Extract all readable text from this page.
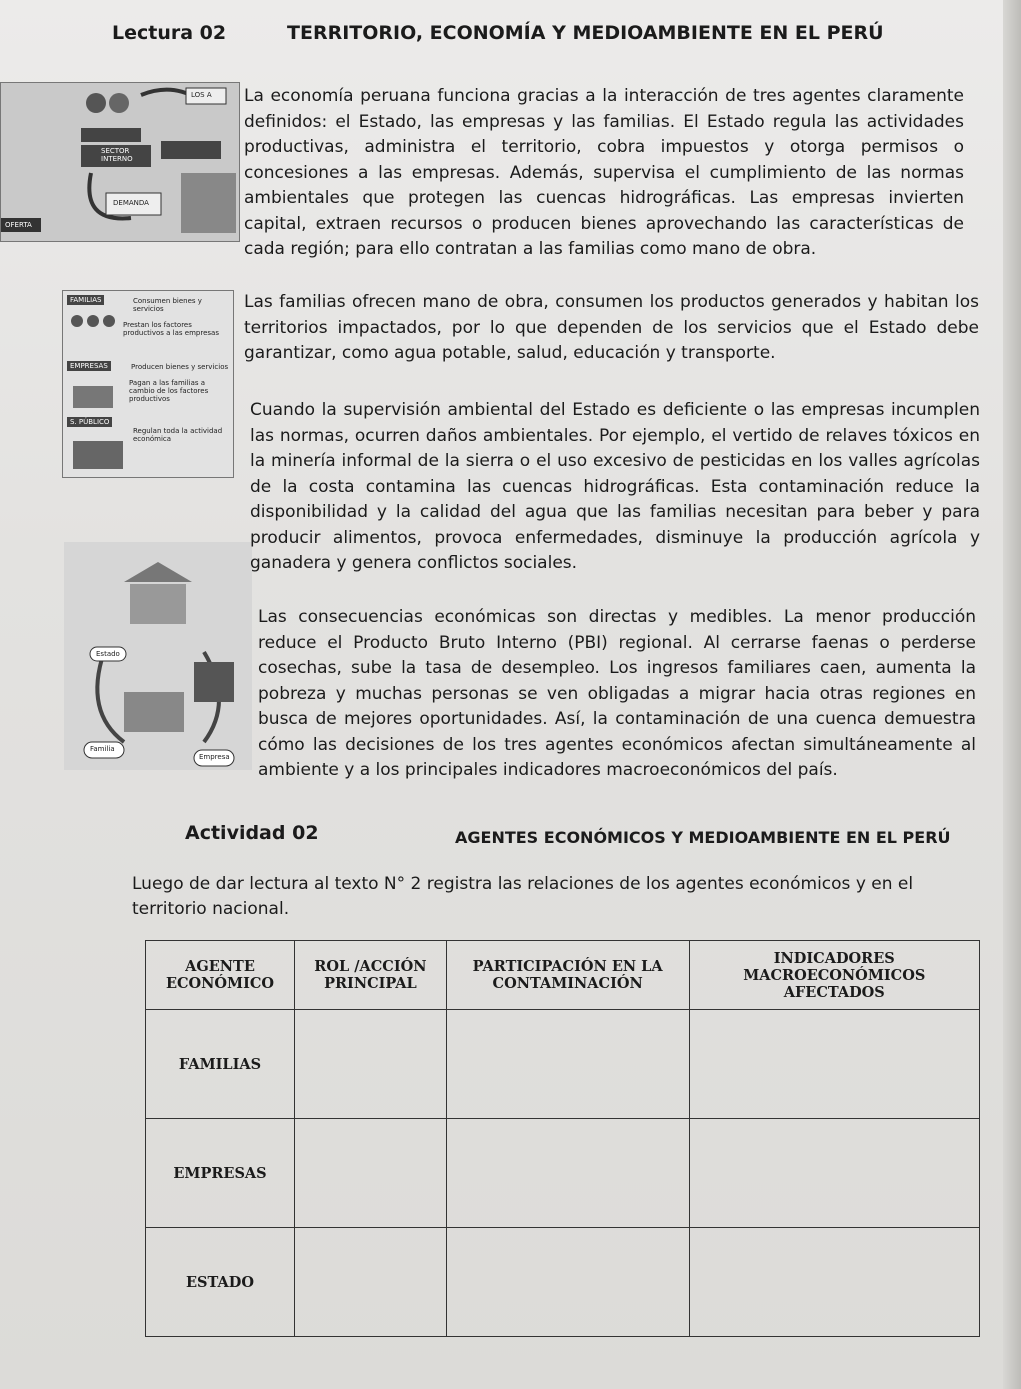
Lectura 02	TERRITORIO, ECONOMÍA Y MEDIOAMBIENTE EN EL PERÚ
LOS A
SECTOR
INTERNO
OFERTA
DEMANDA
FAMILIAS	Consumen bienes y servicios
Prestan los factores productivos a las empresas
EMPRESAS	Producen bienes y servicios
Pagan a las familias a cambio de los factores productivos
S. PÚBLICO
Regulan toda la actividad económica
Estado
Familia
Empresa
La economía peruana funciona gracias a la interacción de tres agentes claramente definidos: el Estado, las empresas y las familias. El Estado regula las actividades productivas, administra el territorio, cobra impuestos y otorga permisos o concesiones a las empresas. Además, supervisa el cumplimiento de las normas ambientales que protegen las cuencas hidrográficas. Las empresas invierten capital, extraen recursos o producen bienes aprovechando las características de cada región; para ello contratan a las familias como mano de obra.
Las familias ofrecen mano de obra, consumen los productos generados y habitan los territorios impactados, por lo que dependen de los servicios que el Estado debe garantizar, como agua potable, salud, educación y transporte.
Cuando la supervisión ambiental del Estado es deficiente o las empresas incumplen las normas, ocurren daños ambientales. Por ejemplo, el vertido de relaves tóxicos en la minería informal de la sierra o el uso excesivo de pesticidas en los valles agrícolas de la costa contamina las cuencas hidrográficas. Esta contaminación reduce la disponibilidad y la calidad del agua que las familias necesitan para beber y para producir alimentos, provoca enfermedades, disminuye la producción agrícola y ganadera y genera conflictos sociales.
Las consecuencias económicas son directas y medibles. La menor producción reduce el Producto Bruto Interno (PBI) regional. Al cerrarse faenas o perderse cosechas, sube la tasa de desempleo. Los ingresos familiares caen, aumenta la pobreza y muchas personas se ven obligadas a migrar hacia otras regiones en busca de mejores oportunidades. Así, la contaminación de una cuenca demuestra cómo las decisiones de los tres agentes económicos afectan simultáneamente al ambiente y a los principales indicadores macroeconómicos del país.
Actividad 02	AGENTES ECONÓMICOS Y MEDIOAMBIENTE EN EL PERÚ
Luego de dar lectura al texto N° 2 registra las relaciones de los agentes económicos y en el territorio nacional.
AGENTE ECONÓMICO	ROL /ACCIÓN PRINCIPAL	PARTICIPACIÓN EN LA CONTAMINACIÓN	INDICADORES MACROECONÓMICOS AFECTADOS
FAMILIAS			
EMPRESAS			
ESTADO			
